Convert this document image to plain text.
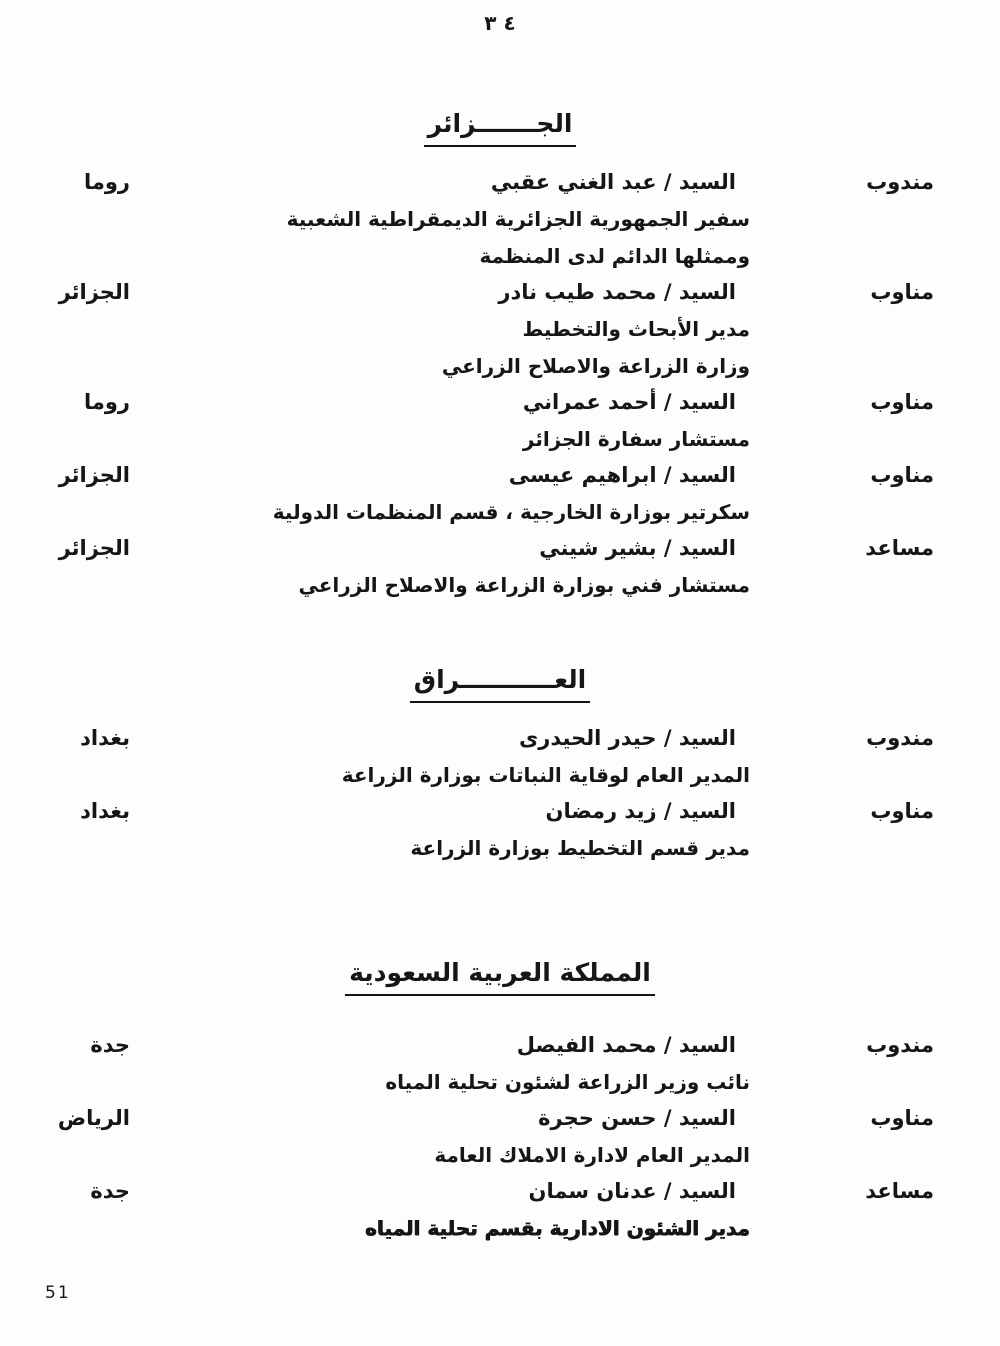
٤ ٣
الجـــــــزائر
مندوب
السيد / عبد الغني عقبي
روما
سفير الجمهورية الجزائرية الديمقراطية الشعبية
وممثلها الدائم لدى المنظمة
مناوب
السيد / محمد طيب نادر
الجزائر
مدير الأبحاث والتخطيط
وزارة الزراعة والاصلاح الزراعي
مناوب
السيد / أحمد عمراني
روما
مستشار سفارة الجزائر
مناوب
السيد / ابراهيم عيسى
الجزائر
سكرتير بوزارة الخارجية ، قسم المنظمات الدولية
مساعد
السيد / بشير شيني
الجزائر
مستشار فني بوزارة الزراعة والاصلاح الزراعي
العـــــــــــراق
مندوب
السيد / حيدر الحيدرى
بغداد
المدير العام لوقاية النباتات بوزارة الزراعة
مناوب
السيد / زيد رمضان
بغداد
مدير قسم التخطيط بوزارة الزراعة
المملكة العربية السعودية
مندوب
السيد / محمد الفيصل
جدة
نائب وزير الزراعة لشئون تحلية المياه
مناوب
السيد / حسن حجرة
الرياض
المدير العام لادارة الاملاك العامة
مساعد
السيد / عدنان سمان
جدة
مدير الشئون الادارية بقسم تحلية المياه
51
